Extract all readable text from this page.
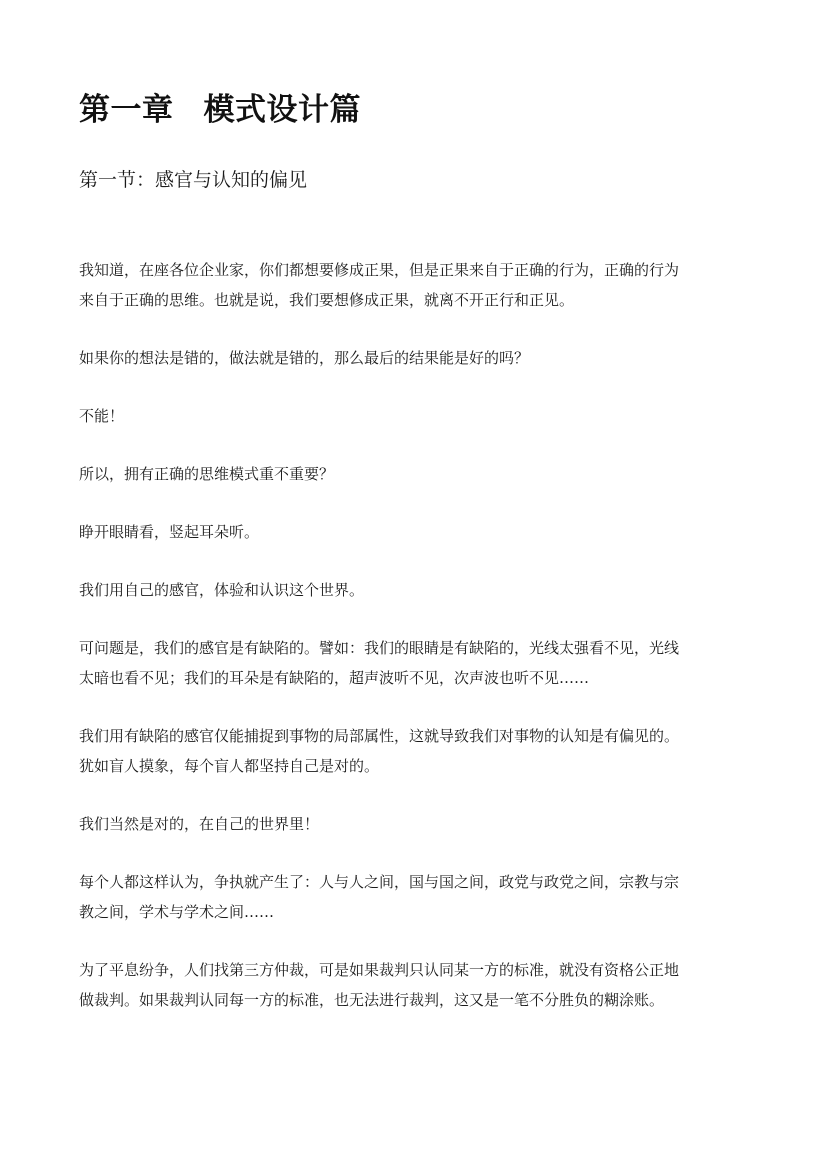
第一章 模式设计篇
第一节：感官与认知的偏见

我知道，在座各位企业家，你们都想要修成正果，但是正果来自于正确的行为，正确的行为
来自于正确的思维。也就是说，我们要想修成正果，就离不开正行和正见。

如果你的想法是错的，做法就是错的，那么最后的结果能是好的吗？

不能！

所以，拥有正确的思维模式重不重要？

睁开眼睛看，竖起耳朵听。

我们用自己的感官，体验和认识这个世界。

可问题是，我们的感官是有缺陷的。譬如：我们的眼睛是有缺陷的，光线太强看不见，光线
太暗也看不见；我们的耳朵是有缺陷的，超声波听不见，次声波也听不见……

我们用有缺陷的感官仅能捕捉到事物的局部属性，这就导致我们对事物的认知是有偏见的。
犹如盲人摸象，每个盲人都坚持自己是对的。

我们当然是对的，在自己的世界里！

每个人都这样认为，争执就产生了：人与人之间，国与国之间，政党与政党之间，宗教与宗
教之间，学术与学术之间……

为了平息纷争，人们找第三方仲裁，可是如果裁判只认同某一方的标准，就没有资格公正地
做裁判。如果裁判认同每一方的标准，也无法进行裁判，这又是一笔不分胜负的糊涂账。
